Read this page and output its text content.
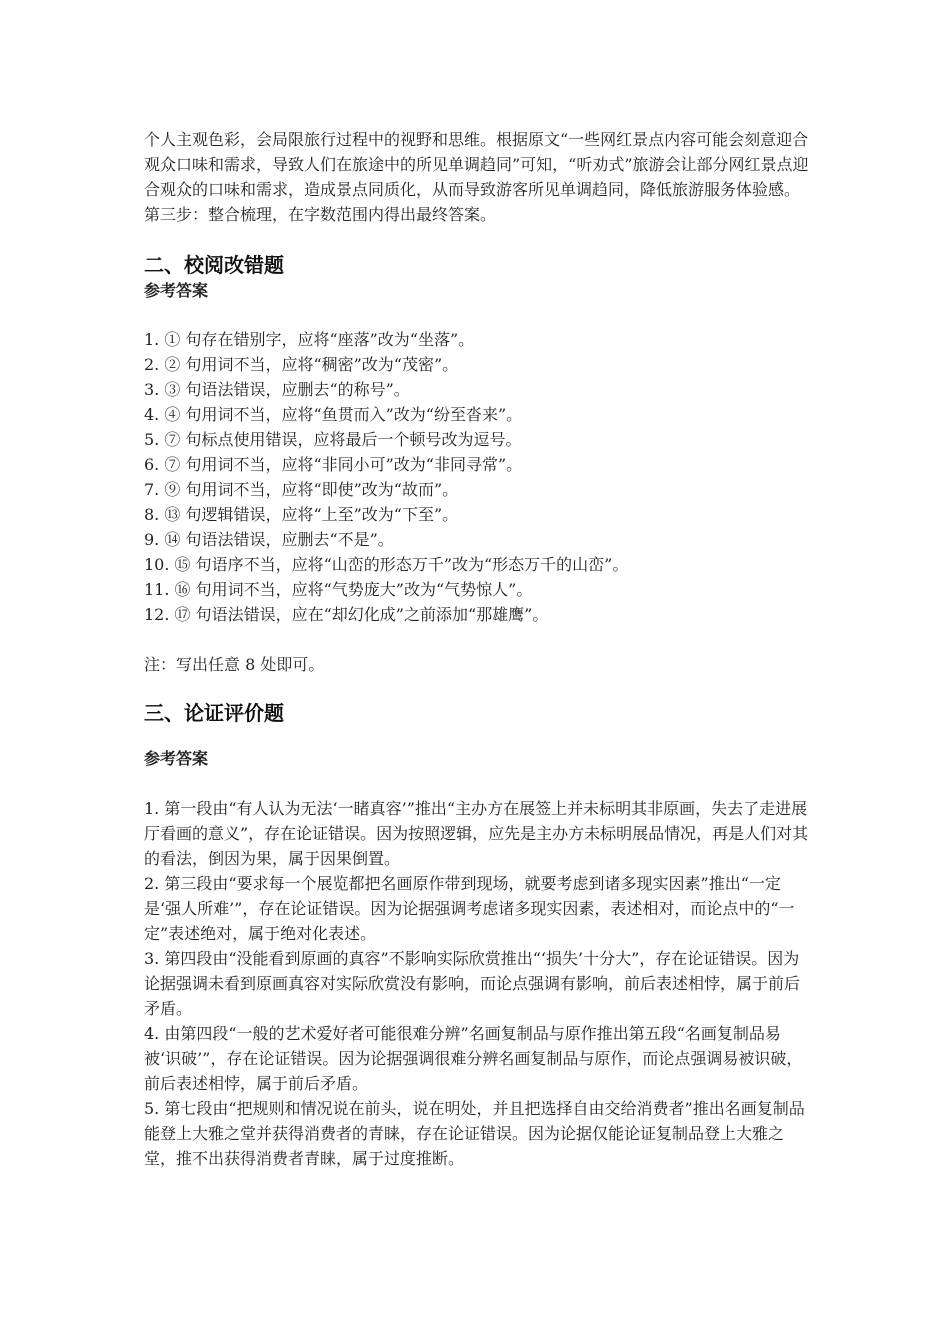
个人主观色彩，会局限旅行过程中的视野和思维。根据原文“一些网红景点内容可能会刻意迎合观众口味和需求，导致人们在旅途中的所见单调趋同”可知，“听劝式”旅游会让部分网红景点迎合观众的口味和需求，造成景点同质化，从而导致游客所见单调趋同，降低旅游服务体验感。

第三步：整合梳理，在字数范围内得出最终答案。

二、校阅改错题
参考答案
1. ① 句存在错别字，应将“座落”改为“坐落”。
2. ② 句用词不当，应将“稠密”改为“茂密”。
3. ③ 句语法错误，应删去“的称号”。
4. ④ 句用词不当，应将“鱼贯而入”改为“纷至沓来”。
5. ⑦ 句标点使用错误，应将最后一个顿号改为逗号。
6. ⑦ 句用词不当，应将“非同小可”改为“非同寻常”。
7. ⑨ 句用词不当，应将“即使”改为“故而”。
8. ⑬ 句逻辑错误，应将“上至”改为“下至”。
9. ⑭ 句语法错误，应删去“不是”。
10. ⑮ 句语序不当，应将“山峦的形态万千”改为“形态万千的山峦”。
11. ⑯ 句用词不当，应将“气势庞大”改为“气势惊人”。
12. ⑰ 句语法错误，应在“却幻化成”之前添加“那雄鹰”。

注：写出任意 8 处即可。

三、论证评价题
参考答案

1. 第一段由“有人认为无法‘一睹真容’”推出“主办方在展签上并未标明其非原画，失去了走进展厅看画的意义”，存在论证错误。因为按照逻辑，应先是主办方未标明展品情况，再是人们对其的看法，倒因为果，属于因果倒置。

2. 第三段由“要求每一个展览都把名画原作带到现场，就要考虑到诸多现实因素”推出“一定是‘强人所难’”，存在论证错误。因为论据强调考虑诸多现实因素，表述相对，而论点中的“一定”表述绝对，属于绝对化表述。

3. 第四段由“没能看到原画的真容”不影响实际欣赏推出“‘损失’十分大”，存在论证错误。因为论据强调未看到原画真容对实际欣赏没有影响，而论点强调有影响，前后表述相悖，属于前后矛盾。

4. 由第四段“一般的艺术爱好者可能很难分辨”名画复制品与原作推出第五段“名画复制品易被‘识破’”，存在论证错误。因为论据强调很难分辨名画复制品与原作，而论点强调易被识破，前后表述相悖，属于前后矛盾。

5. 第七段由“把规则和情况说在前头，说在明处，并且把选择自由交给消费者”推出名画复制品能登上大雅之堂并获得消费者的青睐，存在论证错误。因为论据仅能论证复制品登上大雅之堂，推不出获得消费者青睐，属于过度推断。
